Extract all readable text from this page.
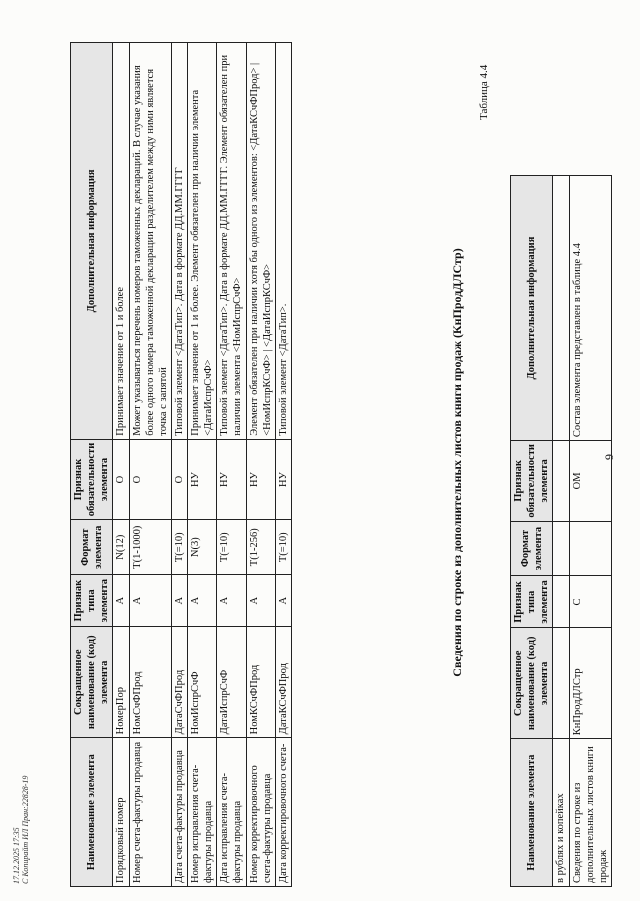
9
Наименование элемента	Сокращенное наименование (код) элемента	Признак типа элемента	Формат элемента	Признак обязательности элемента	Дополнительная информация
в рублях и копейках					
Сведения по строке из дополнительных листов книги продаж	КнПродДЛСтр	С		ОМ	Состав элемента представлен в таблице 4.4
Таблица 4.4
Сведения по строке из дополнительных листов книги продаж (КнПродДЛСтр)
17.12.2025 17:35 С Копирайт ИЛ Пран:22828-19	Наименование элемента	Сокращенное наименование (код) элемента	Признак типа элемента	Формат элемента	Признак обязательности элемента	Дополнительная информация
Порядковый номер	НомерПор	А	N(12)	О	Принимает значение от 1 и более
Номер счета-фактуры продавца	НомСчФПрод	А	T(1-1000)	О	Может указываться перечень номеров таможенных деклараций. В случае указания более одного номера таможенной декларации разделителем между ними является точка с запятой
Дата счета-фактуры продавца	ДатаСчФПрод	А	T(=10)	О	Типовой элемент <ДатаТип>. Дата в формате ДД.ММ.ГГГГ
Номер исправления счета-фактуры продавца	НомИспрСчФ	А	N(3)	НУ	Принимает значение от 1 и более. Элемент обязателен при наличии элемента <ДатаИспрСчФ>
Дата исправления счета-фактуры продавца	ДатаИспрСчФ	А	T(=10)	НУ	Типовой элемент <ДатаТип>. Дата в формате ДД.ММ.ГГГГ. Элемент обязателен при наличии элемента <НомИспрСчФ>
Номер корректировочного счета-фактуры продавца	НомКСчФПрод	А	T(1-256)	НУ	Элемент обязателен при наличии хотя бы одного из элементов: <ДатаКСчФПрод> | <НомИспрКСчФ> | <ДатаИспрКСчФ>
Дата корректировочного счета-	ДатаКСчФПрод	А	T(=10)	НУ	Типовой элемент <ДатаТип>.
